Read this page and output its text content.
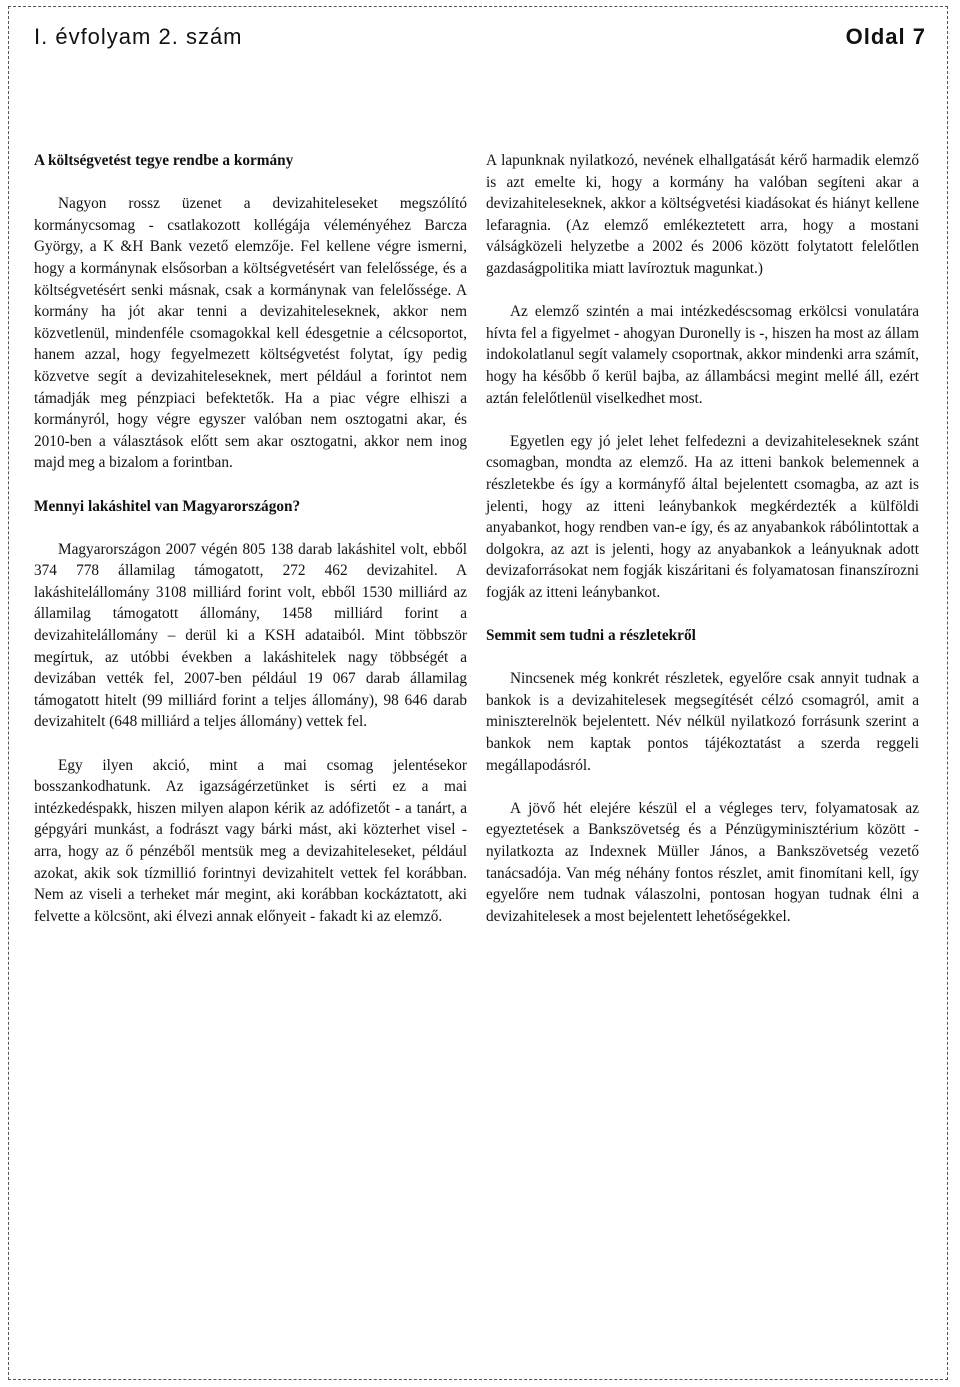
I. évfolyam 2. szám	Oldal 7
A költségvetést tegye rendbe a kormány

Nagyon rossz üzenet a devizahiteleseket megszólító kormánycsomag - csatlakozott kollégája véleményéhez Barcza György, a K &H Bank vezető elemzője. Fel kellene végre ismerni, hogy a kormánynak elsősorban a költségvetésért van felelőssége, és a költségvetésért senki másnak, csak a kormánynak van felelőssége. A kormány ha jót akar tenni a devizahiteleseknek, akkor nem közvetlenül, mindenféle csomagokkal kell édesgetnie a célcsoportot, hanem azzal, hogy fegyelmezett költségvetést folytat, így pedig közvetve segít a devizahiteleseknek, mert például a forintot nem támadják meg pénzpiaci befektetők. Ha a piac végre elhiszi a kormányról, hogy végre egyszer valóban nem osztogatni akar, és 2010-ben a választások előtt sem akar osztogatni, akkor nem inog majd meg a bizalom a forintban.

Mennyi lakáshitel van Magyarországon?

Magyarországon 2007 végén 805 138 darab lakáshitel volt, ebből 374 778 államilag támogatott, 272 462 devizahitel. A lakáshitelállomány 3108 milliárd forint volt, ebből 1530 milliárd az államilag támogatott állomány, 1458 milliárd forint a devizahitelállomány – derül ki a KSH adataiból. Mint többször megírtuk, az utóbbi években a lakáshitelek nagy többségét a devizában vették fel, 2007-ben például 19 067 darab államilag támogatott hitelt (99 milliárd forint a teljes állomány), 98 646 darab devizahitelt (648 milliárd a teljes állomány) vettek fel.

Egy ilyen akció, mint a mai csomag jelentésekor bosszankodhatunk. Az igazságérzetünket is sérti ez a mai intézkedéspakk, hiszen milyen alapon kérik az adófizetőt - a tanárt, a gépgyári munkást, a fodrászt vagy bárki mást, aki közterhet visel - arra, hogy az ő pénzéből mentsük meg a devizahiteleseket, például azokat, akik sok tízmillió forintnyi devizahitelt vettek fel korábban. Nem az viseli a terheket már megint, aki korábban kockáztatott, aki felvette a kölcsönt, aki élvezi annak előnyeit - fakadt ki az elemző.

A lapunknak nyilatkozó, nevének elhallgatását kérő harmadik elemző is azt emelte ki, hogy a kormány ha valóban segíteni akar a devizahiteleseknek, akkor a költségvetési kiadásokat és hiányt kellene lefaragnia. (Az elemző emlékeztetett arra, hogy a mostani válságközeli helyzetbe a 2002 és 2006 között folytatott felelőtlen gazdaságpolitika miatt lavíroztuk magunkat.)

Az elemző szintén a mai intézkedéscsomag erkölcsi vonulatára hívta fel a figyelmet - ahogyan Duronelly is -, hiszen ha most az állam indokolatlanul segít valamely csoportnak, akkor mindenki arra számít, hogy ha később ő kerül bajba, az állambácsi megint mellé áll, ezért aztán felelőtlenül viselkedhet most.

Egyetlen egy jó jelet lehet felfedezni a devizahiteleseknek szánt csomagban, mondta az elemző. Ha az itteni bankok belemennek a részletekbe és így a kormányfő által bejelentett csomagba, az azt is jelenti, hogy az itteni leánybankok megkérdezték a külföldi anyabankot, hogy rendben van-e így, és az anyabankok rábólintottak a dolgokra, az azt is jelenti, hogy az anyabankok a leányuknak adott devizaforrásokat nem fogják kiszáritani és folyamatosan finanszírozni fogják az itteni leánybankot.

Semmit sem tudni a részletekről

Nincsenek még konkrét részletek, egyelőre csak annyit tudnak a bankok is a devizahitelesek megsegítését célzó csomagról, amit a miniszterelnök bejelentett. Név nélkül nyilatkozó forrásunk szerint a bankok nem kaptak pontos tájékoztatást a szerda reggeli megállapodásról.

A jövő hét elejére készül el a végleges terv, folyamatosak az egyeztetések a Bankszövetség és a Pénzügyminisztérium között - nyilatkozta az Indexnek Müller János, a Bankszövetség vezető tanácsadója. Van még néhány fontos részlet, amit finomítani kell, így egyelőre nem tudnak válaszolni, pontosan hogyan tudnak élni a devizahitelesek a most bejelentett lehetőségekkel.
